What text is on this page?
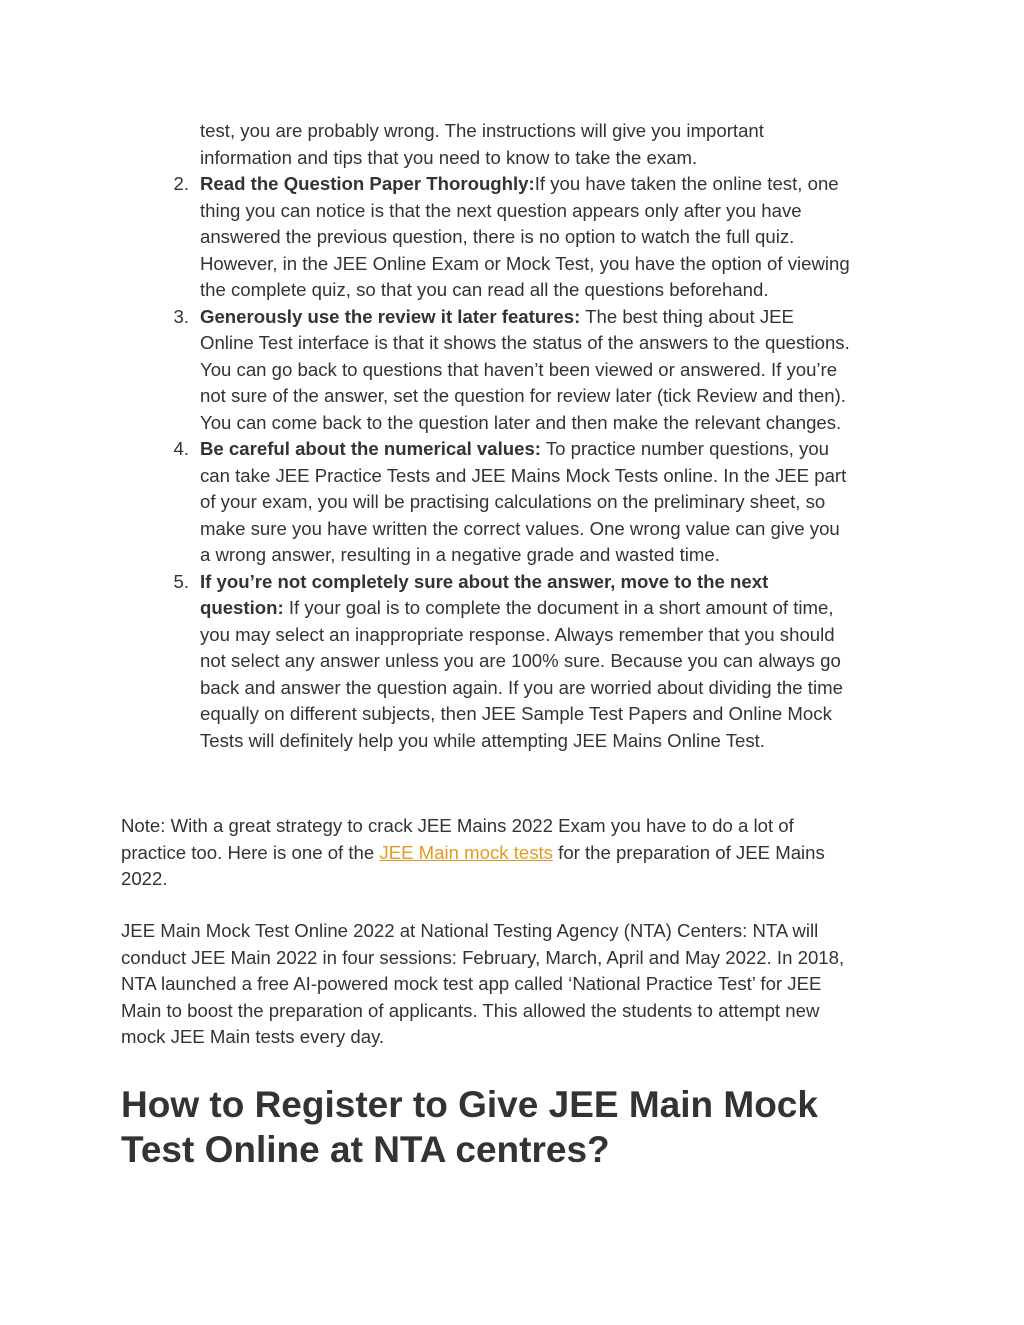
test, you are probably wrong. The instructions will give you important
information and tips that you need to know to take the exam.
2. Read the Question Paper Thoroughly:If you have taken the online test, one
thing you can notice is that the next question appears only after you have
answered the previous question, there is no option to watch the full quiz.
However, in the JEE Online Exam or Mock Test, you have the option of viewing
the complete quiz, so that you can read all the questions beforehand.
3. Generously use the review it later features: The best thing about JEE
Online Test interface is that it shows the status of the answers to the questions.
You can go back to questions that haven’t been viewed or answered. If you’re
not sure of the answer, set the question for review later (tick Review and then).
You can come back to the question later and then make the relevant changes.
4. Be careful about the numerical values: To practice number questions, you
can take JEE Practice Tests and JEE Mains Mock Tests online. In the JEE part
of your exam, you will be practising calculations on the preliminary sheet, so
make sure you have written the correct values. One wrong value can give you
a wrong answer, resulting in a negative grade and wasted time.
5. If you’re not completely sure about the answer, move to the next
question: If your goal is to complete the document in a short amount of time,
you may select an inappropriate response. Always remember that you should
not select any answer unless you are 100% sure. Because you can always go
back and answer the question again. If you are worried about dividing the time
equally on different subjects, then JEE Sample Test Papers and Online Mock
Tests will definitely help you while attempting JEE Mains Online Test.
Note: With a great strategy to crack JEE Mains 2022 Exam you have to do a lot of
practice too. Here is one of the JEE Main mock tests for the preparation of JEE Mains
2022.
JEE Main Mock Test Online 2022 at National Testing Agency (NTA) Centers: NTA will
conduct JEE Main 2022 in four sessions: February, March, April and May 2022. In 2018,
NTA launched a free AI-powered mock test app called ‘National Practice Test’ for JEE
Main to boost the preparation of applicants. This allowed the students to attempt new
mock JEE Main tests every day.
How to Register to Give JEE Main Mock
Test Online at NTA centres?
